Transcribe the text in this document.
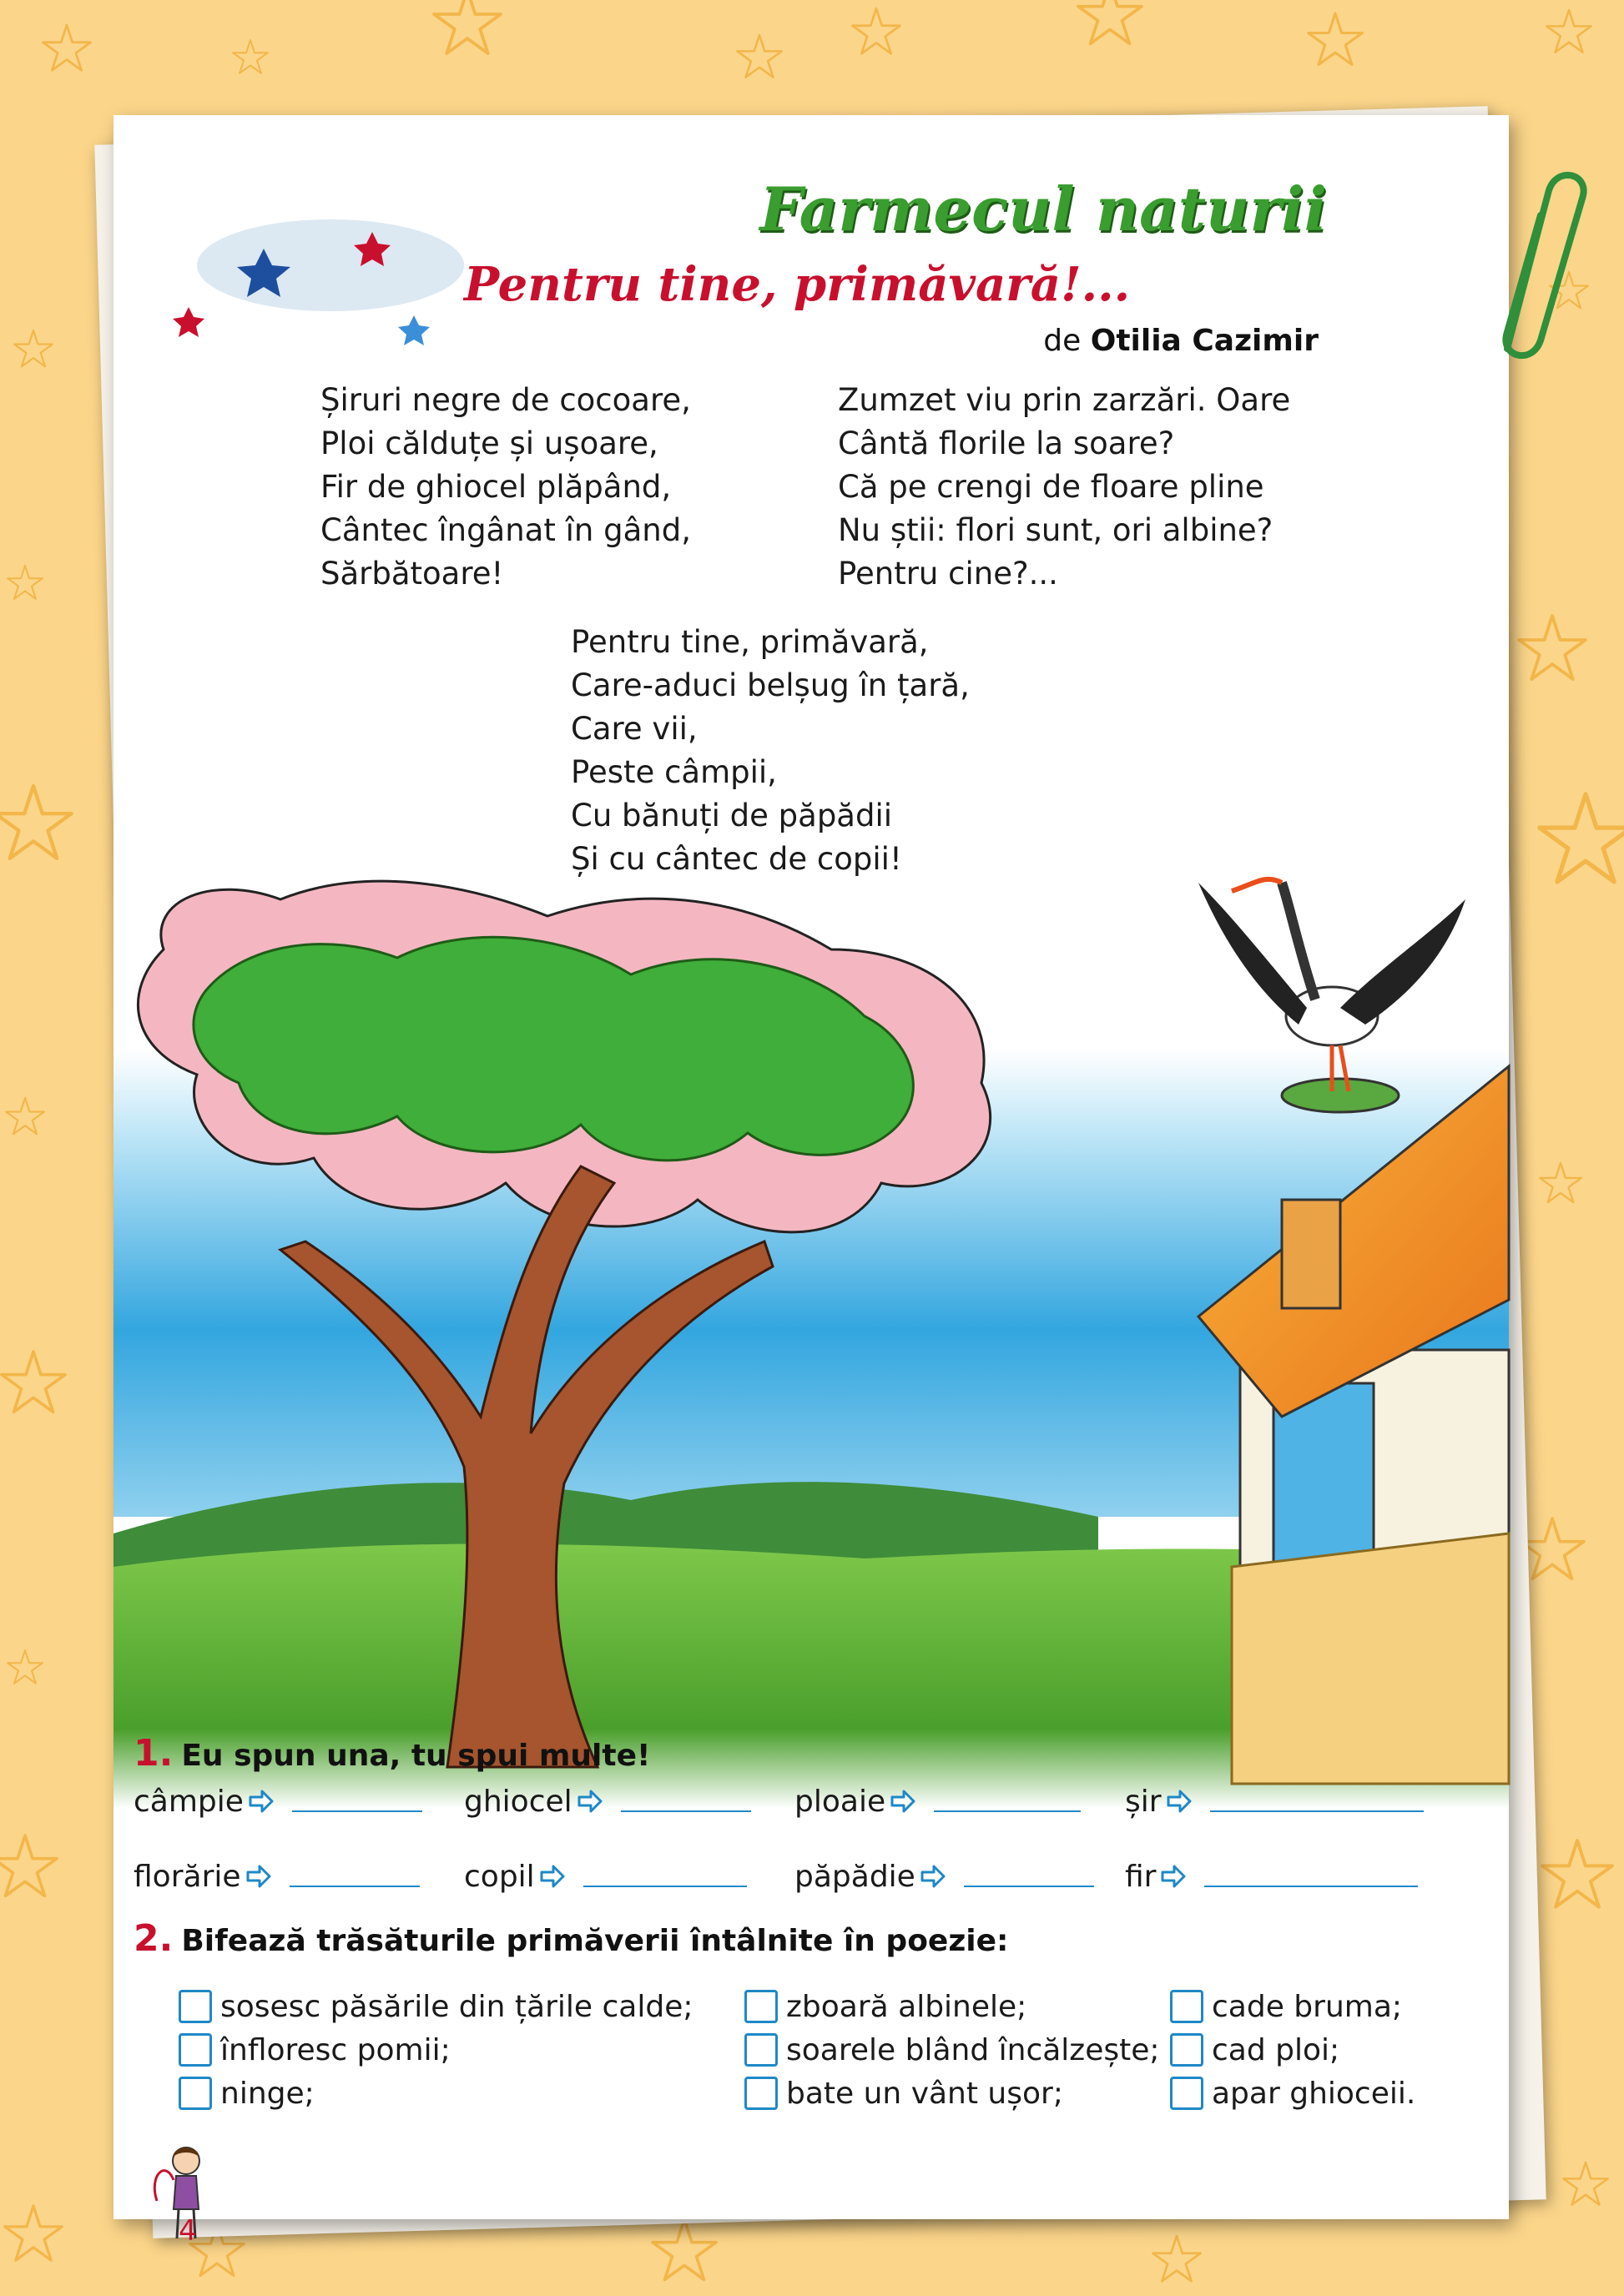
Farmecul naturii
Pentru tine, primăvară!...
de Otilia Cazimir
Șiruri negre de cocoare,
Ploi călduțe și ușoare,
Fir de ghiocel plăpând,
Cântec îngânat în gând,
Sărbătoare!
Zumzet viu prin zarzări. Oare
Cântă florile la soare?
Că pe crengi de floare pline
Nu știi: flori sunt, ori albine?
Pentru cine?...
Pentru tine, primăvară,
Care-aduci belșug în țară,
Care vii,
Peste câmpii,
Cu bănuți de păpădii
Și cu cântec de copii!
1. Eu spun una, tu spui multe!
câmpie	ghiocel	ploaie	șir
florărie	copil	păpădie	fir
2. Bifează trăsăturile primăverii întâlnite în poezie:
sosesc păsările din țările calde;
înfloresc pomii;
ninge;
zboară albinele;
soarele blând încălzește;
bate un vânt ușor;
cade bruma;
cad ploi;
apar ghioceii.
4
